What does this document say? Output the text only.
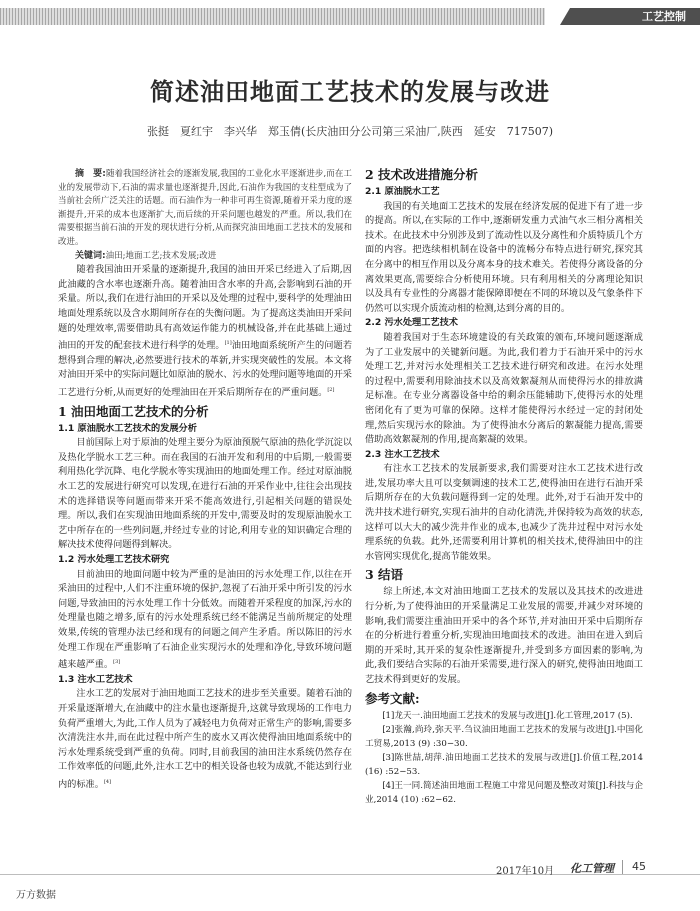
工艺控制
简述油田地面工艺技术的发展与改进
张挺　夏红宇　李兴华　郑玉倩(长庆油田分公司第三采油厂,陕西　延安　717507)

摘　要:随着我国经济社会的逐渐发展,我国的工业化水平逐渐进步,而在工业的发展带动下,石油的需求量也逐渐提升,因此,石油作为我国的支柱型成为了当前社会所广泛关注的话题。而石油作为一种非可再生资源,随着开采力度的逐渐提升,开采的成本也逐渐扩大,而后续的开采问题也越发的严重。所以,我们在需要根据当前石油的开发的现状进行分析,从而探究油田地面工艺技术的发展和改进。

关键词:油田;地面工艺;技术发展;改进

随着我国油田开采量的逐渐提升,我国的油田开采已经进入了后期,因此油藏的含水率也逐渐升高。随着油田含水率的升高,会影响到石油的开采量。所以,我们在进行油田的开采以及处理的过程中,要科学的处理油田地面处理系统以及含水期间所存在的失衡问题。为了提高这类油田开采问题的处理效率,需要借助具有高效运作能力的机械设备,并在此基础上通过油田的开发的配套技术进行科学的处理。[1]油田地面系统所产生的问题若想得到合理的解决,必然要进行技术的革新,并实现突破性的发展。本文将对油田开采中的实际问题比如原油的脱水、污水的处理问题等地面的开采工艺进行分析,从而更好的处理油田在开采后期所存在的严重问题。[2]

1 油田地面工艺技术的分析
1.1 原油脱水工艺技术的发展分析

目前国际上对于原油的处理主要分为原油预脱气原油的热化学沉淀以及热化学脱水工艺三种。而在我国的石油开发和利用的中后期,一般需要利用热化学沉降、电化学脱水等实现油田的地面处理工作。经过对原油脱水工艺的发展进行研究可以发现,在进行石油的开采作业中,往往会出现技术的选择错误等问题而带来开采不能高效进行,引起相关问题的错误处理。所以,我们在实现油田地面系统的开发中,需要及时的发现原油脱水工艺中所存在的一些列问题,并经过专业的讨论,利用专业的知识确定合理的解决技术使得问题得到解决。

1.2 污水处理工艺技术研究

目前油田的地面问题中较为严重的是油田的污水处理工作,以往在开采油田的过程中,人们不注重环境的保护,忽视了石油开采中所引发的污水问题,导致油田的污水处理工作十分低效。而随着开采程度的加深,污水的处理量也随之增多,原有的污水处理系统已经不能满足当前所规定的处理效果,传统的管理办法已经和现有的问题之间产生矛盾。所以陈旧的污水处理工作现在严重影响了石油企业实现污水的处理和净化,导致环境问题越来越严重。[3]

1.3 注水工艺技术

注水工艺的发展对于油田地面工艺技术的进步至关重要。随着石油的开采量逐渐增大,在油藏中的注水量也逐渐提升,这就导致现场的工作电力负荷严重增大,为此,工作人员为了减轻电力负荷对正常生产的影响,需要多次清洗注水井,而在此过程中所产生的废水又再次使得油田地面系统中的污水处理系统受到严重的负荷。同时,目前我国的油田注水系统仍然存在工作效率低的问题,此外,注水工艺中的相关设备也较为成就,不能达到行业内的标准。[4]

2 技术改进措施分析
2.1 原油脱水工艺

我国的有关地面工艺技术的发展在经济发展的促进下有了进一步的提高。所以,在实际的工作中,逐渐研发重力式油气水三相分离相关技术。在此技术中分别涉及到了流动性以及分离性和介质特质几个方面的内容。把选续相机制在设备中的流畅分布特点进行研究,探究其在分离中的相互作用以及分离本身的技术难关。若使得分离设备的分离效果更高,需要综合分析使用环境。只有利用相关的分离理论知识以及具有专业性的分离器才能保障即便在不同的环境以及气象条件下仍然可以实现介质流动相的检测,达到分离的目的。

2.2 污水处理工艺技术

随着我国对于生态环境建设的有关政策的颁布,环境问题逐渐成为了工业发展中的关键新问题。为此,我们着力于石油开采中的污水处理工艺,并对污水处理相关工艺技术进行研究和改进。在污水处理的过程中,需要利用除油技术以及高效絮凝剂从而使得污水的排放满足标准。在专业分离器设备中给的剩余压能辅助下,使得污水的处理密闭化有了更为可靠的保障。这样才能使得污水经过一定的封闭处理,然后实现污水的除油。为了使得油水分离后的絮凝能力提高,需要借助高效絮凝剂的作用,提高絮凝的效果。

2.3 注水工艺技术

有注水工艺技术的发展新要求,我们需要对注水工艺技术进行改进,发展功率大且可以变频调速的技术工艺,使得油田在进行石油开采后期所存在的大负载问题得到一定的处理。此外,对于石油开发中的洗井技术进行研究,实现石油井的自动化清洗,并保持较为高效的状态,这样可以大大的减少洗井作业的成本,也减少了洗井过程中对污水处理系统的负载。此外,还需要利用计算机的相关技术,使得油田中的注水管网实现优化,提高节能效果。

3 结语

综上所述,本文对油田地面工艺技术的发展以及其技术的改进进行分析,为了使得油田的开采量满足工业发展的需要,并减少对环境的影响,我们需要注重油田开采中的各个环节,并对油田开采中后期所存在的分析进行着重分析,实现油田地面技术的改进。油田在进入到后期的开采时,其开采的复杂性逐渐提升,并受到多方面因素的影响,为此,我们要结合实际的石油开采需要,进行深入的研究,使得油田地面工艺技术得到更好的发展。

参考文献:

[1]龙天一.油田地面工艺技术的发展与改进[J].化工管理,2017 (5).

[2]张瀚,尚玲,弥天平.刍议油田地面工艺技术的发展与改进[J].中国化工贸易,2013 (9) :30−30.

[3]陈世喆,胡萍.油田地面工艺技术的发展与改进[J].价值工程,2014 (16) :52−53.

[4]王一同.简述油田地面工程施工中常见问题及整改对策[J].科技与企业,2014 (10) :62−62.

2017年10月 化工管理 45
万方数据
